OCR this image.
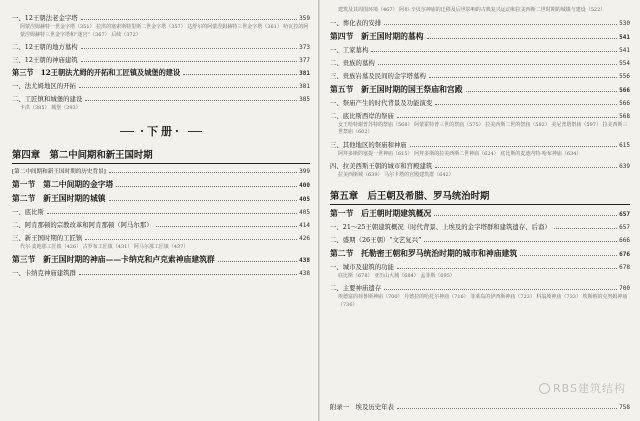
一、12王朝法老金字塔	359
阿蒙涅姆赫特一世金字塔（351） 拉洪的塞索斯特里斯二世金字塔（357） 达舒尔的阿蒙涅姆赫特三世金字塔（361） 哈瓦拉的阿蒙涅姆赫特三世金字塔和“迷宫”（367） 后续（372）
二、12王朝的地方墓构	373
三、12王朝的神庙建筑	377
第三节　12王朝法尤姆的开拓和工匠镇及城堡的建设	381
一、法尤姆地区的开拓	381
二、工匠镇和城堡的建设	385
卡洪（385） 城堡（393）
·下册·
第四章　第二中间期和新王国时期
[第二中间期和新王国时期的历史背景]	399
第一节　第二中间期的金字塔	400
第二节　新王国时期的城镇	405
一、底比斯	405
二、阿肯那顿的宗教改革和阿肯那顿（阿马尔那）	414
三、新王国时期的工匠镇	426
代尔·麦地那工匠镇（426） 古罗布工匠镇（431） 阿马尔那工匠镇（437）
第三节　新王国时期的神庙——卡纳克和卢克索神庙建筑群	438
一、卡纳克神庙建筑群	438
建筑及其周围环境（467） 阿布·辛贝尔神庙的迁移及后世影响的古典复兴运动和拉美西斯二世时期的城镇与建设（522）
一、葬化表的安排	530
第四节　新王国时期的墓构	541
一、工家墓构	541
二、贵族的墓构	554
三、贵族岩墓及民间的金字塔墓构	556
第五节　新王国时期的国王祭庙和宫殿	566
一、祭庙产生的时代背景及功能演变	566
二、底比斯西岸的祭庙	568
女王哈特谢普苏特的祭庙（568） 阿蒙霍特普三世的祭庙（575） 拉美西斯二世的祭庙（582） 美尼普塔祭庙（597） 拉美西斯三世祭庙（602）
三、其他地区的祭庙和神庙	615
阿拜多斯的塞提一世神庙（615） 阿拜多斯的拉美西斯二世神庙（624） 底比斯的麦迪内特·哈布神庙（634）
四、拉美西斯王朝的城市和宫殿建筑	639
拉美西斯城（639） 马尔卡塔的宫殿建筑群（642）
第五章　后王朝及希腊、罗马统治时期
第一节　后王朝时期建筑概况	657
一、21～25王朝建筑概况（时代背景、上埃及的金字塔群和建筑遗存、后裔）	657
二、盛期（26王朝）“文艺复兴”	666
第二节　托勒密王朝和罗马统治时期的城市和神庙建筑	676
一、城市及建筑的功能	678
底比斯（678） 亚历山大城（684） 孟菲斯（695）
二、主要神庙遗存	700
埃德富的荷鲁斯神庙（700） 丹德拉的哈托尔神庙（716） 菲莱岛的伊西斯神庙（723） 科翁坡神庙（733） 埃斯纳的克努姆神庙（736）
附录一　埃及历史年表	758
RBS建筑结构
